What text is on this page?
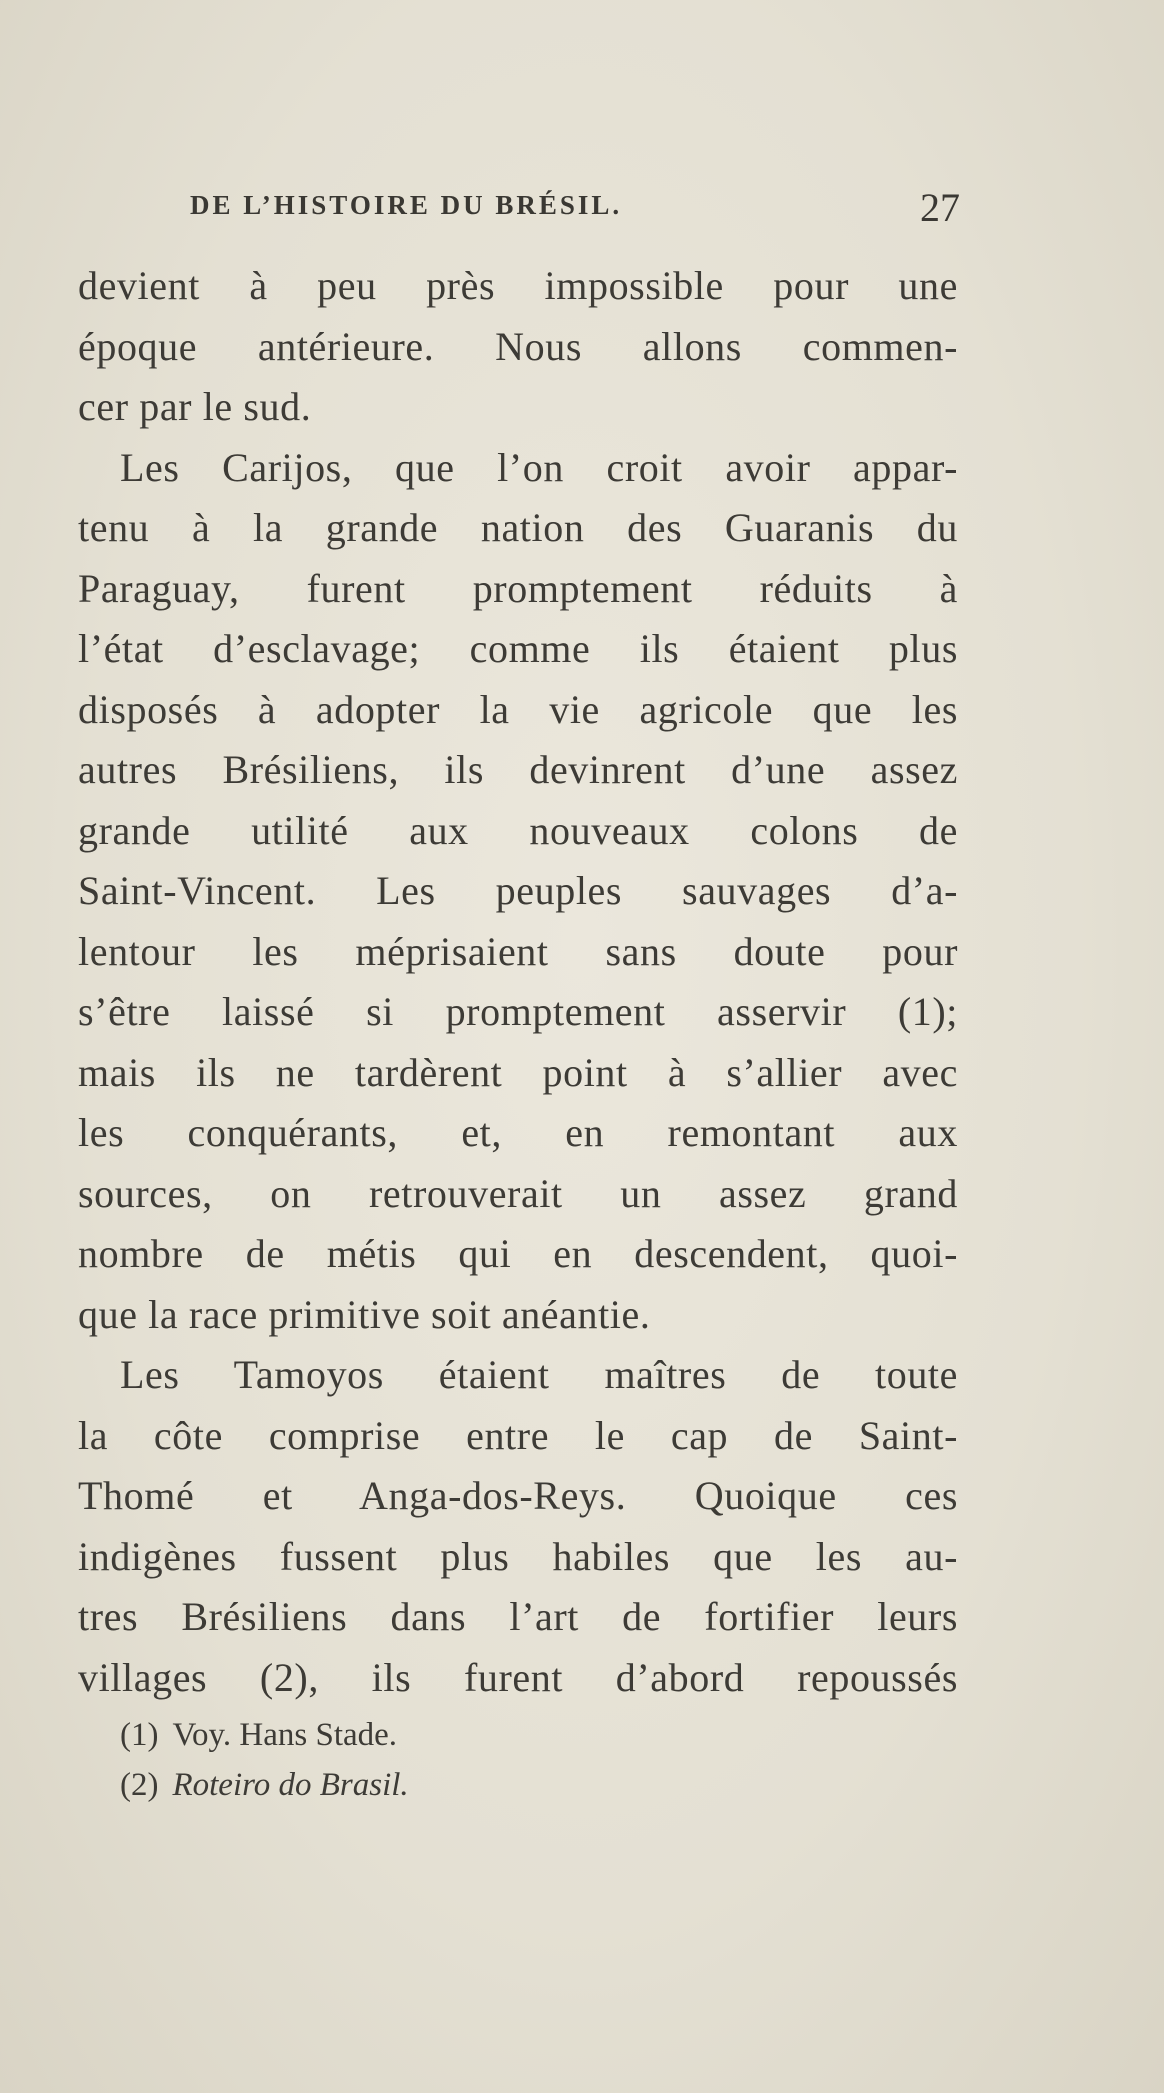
DE L’HISTOIRE DU BRÉSIL.	27
devient à peu près impossible pour une
époque antérieure. Nous allons commen-
cer par le sud.
Les Carijos, que l’on croit avoir appar-
tenu à la grande nation des Guaranis du
Paraguay, furent promptement réduits à
l’état d’esclavage; comme ils étaient plus
disposés à adopter la vie agricole que les
autres Brésiliens, ils devinrent d’une assez
grande utilité aux nouveaux colons de
Saint-Vincent. Les peuples sauvages d’a-
lentour les méprisaient sans doute pour
s’être laissé si promptement asservir (1);
mais ils ne tardèrent point à s’allier avec
les conquérants, et, en remontant aux
sources, on retrouverait un assez grand
nombre de métis qui en descendent, quoi-
que la race primitive soit anéantie.
Les Tamoyos étaient maîtres de toute
la côte comprise entre le cap de Saint-
Thomé et Anga-dos-Reys. Quoique ces
indigènes fussent plus habiles que les au-
tres Brésiliens dans l’art de fortifier leurs
villages (2), ils furent d’abord repoussés
(1) Voy. Hans Stade.
(2) Roteiro do Brasil.
